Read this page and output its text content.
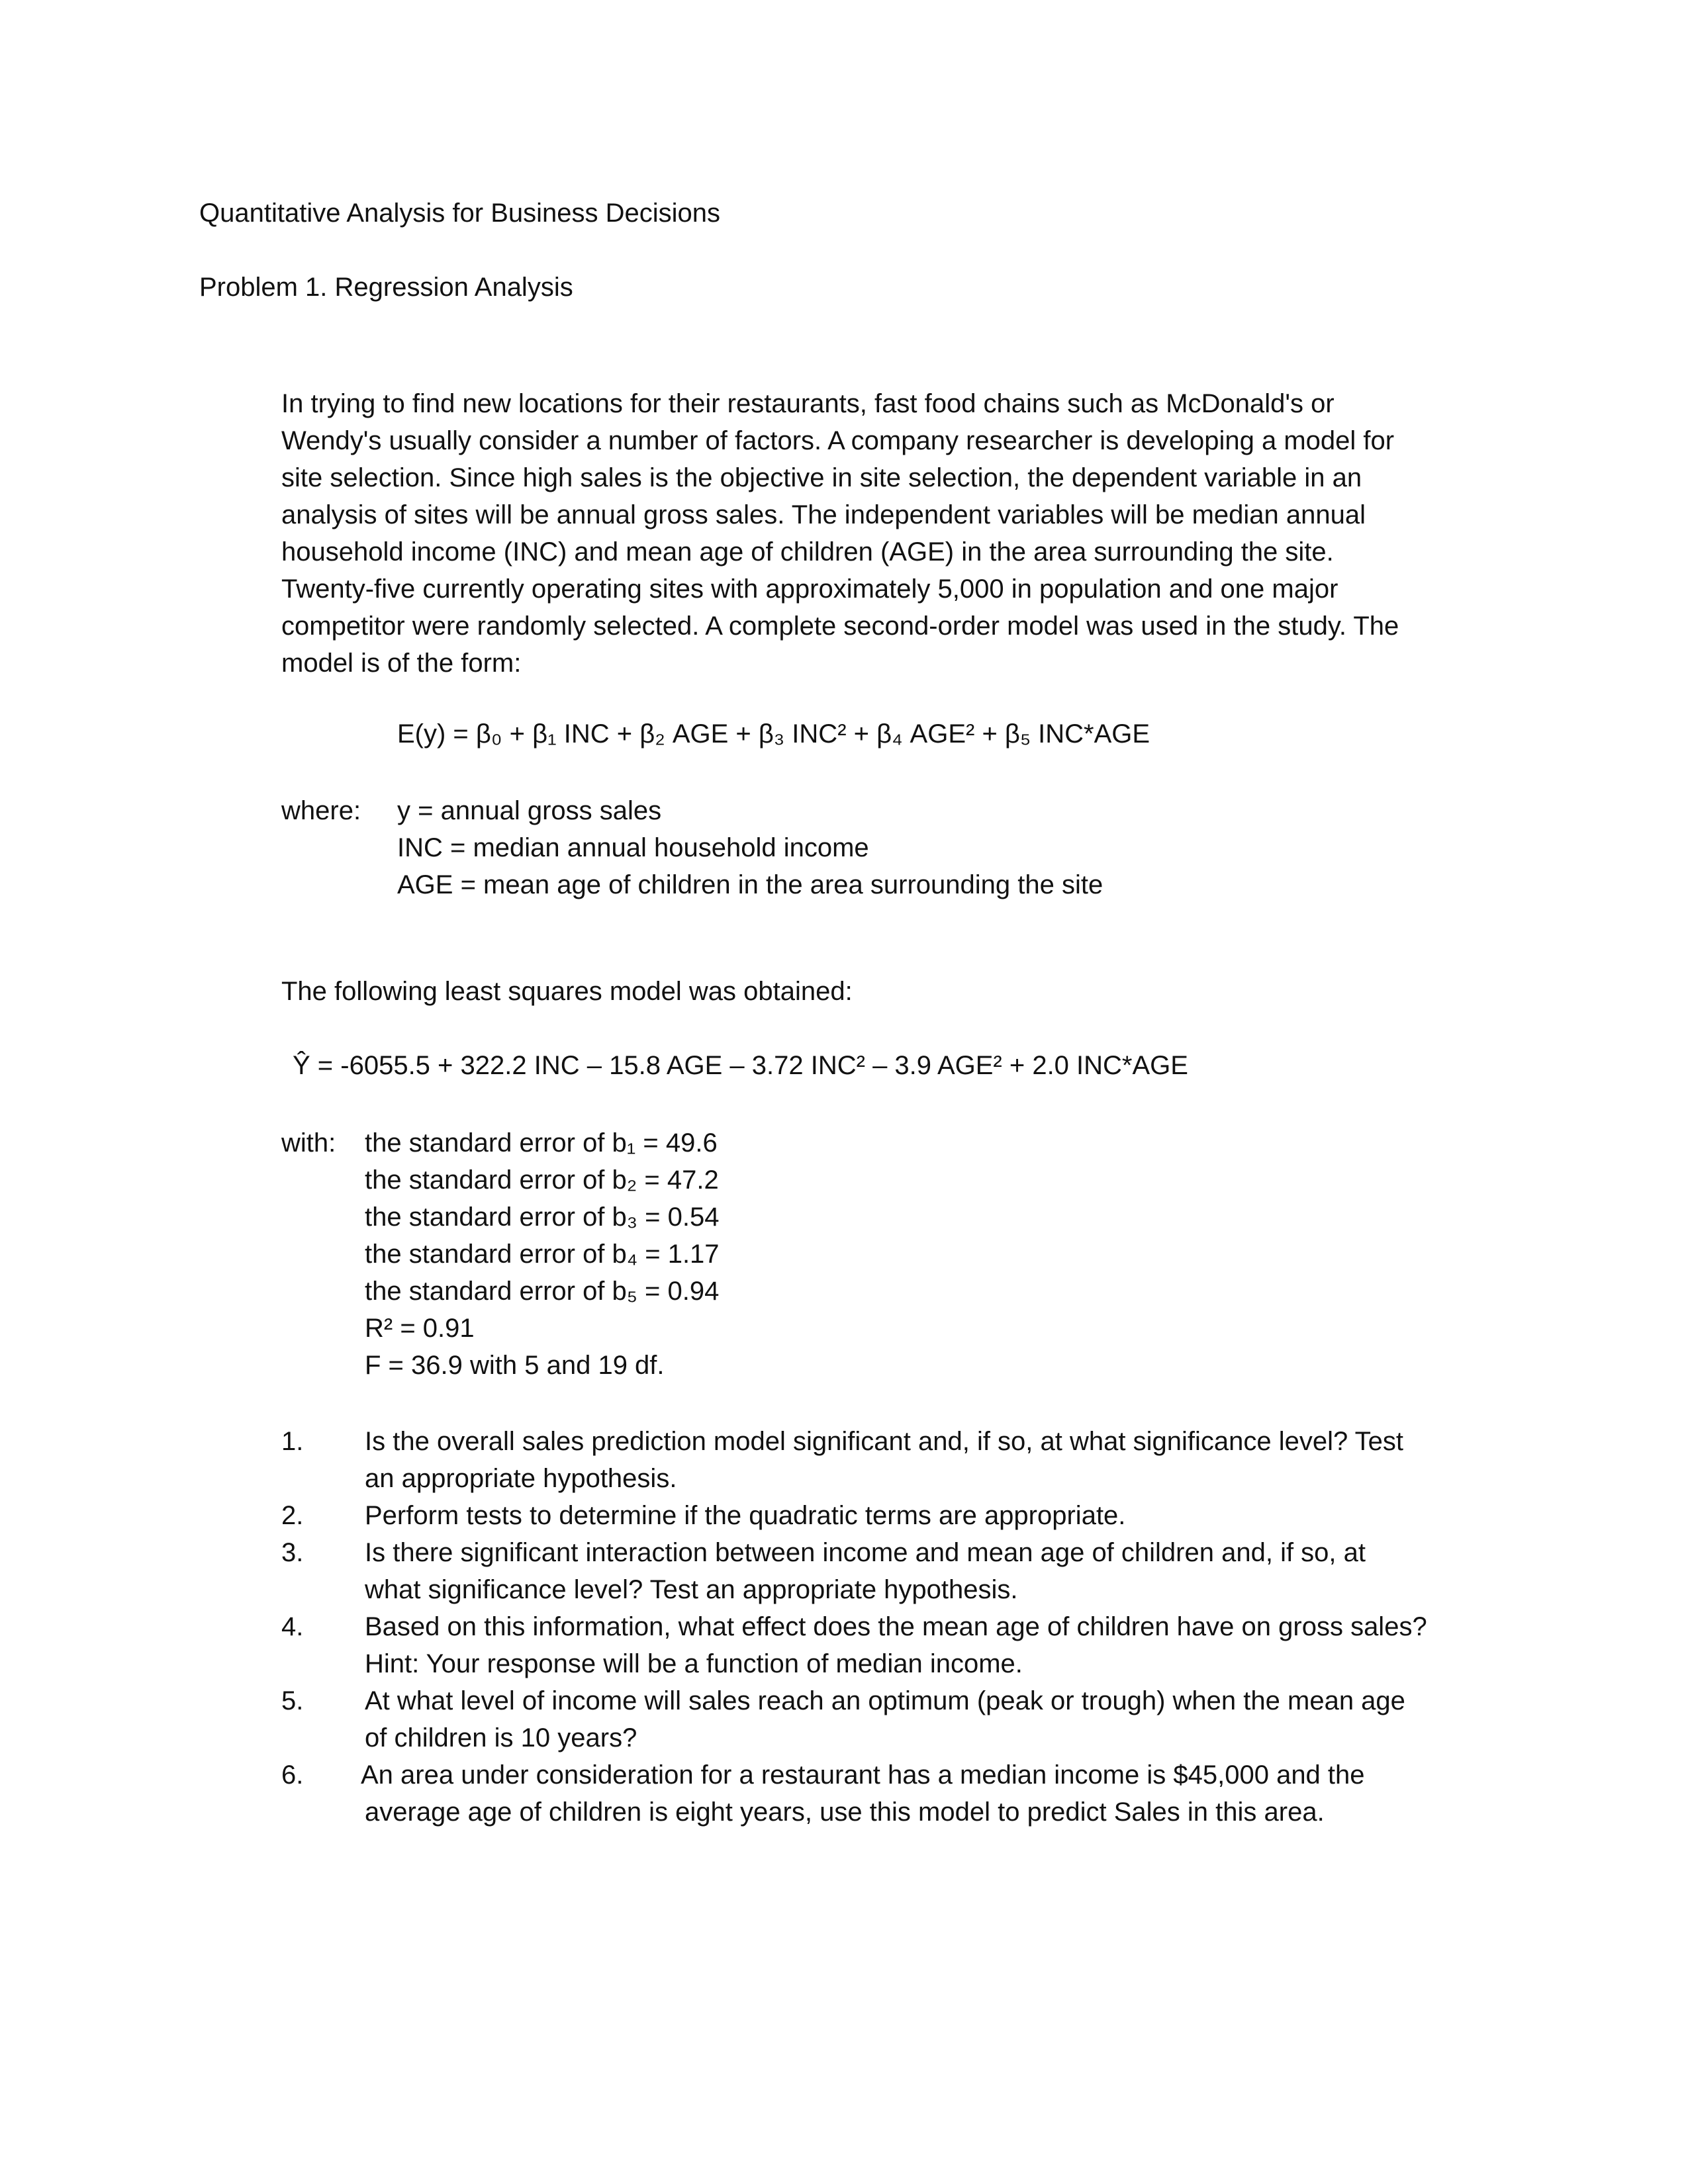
Quantitative Analysis for Business Decisions
Problem 1. Regression Analysis
In trying to find new locations for their restaurants, fast food chains such as McDonald's or
Wendy's usually consider a number of factors. A company researcher is developing a model for
site selection. Since high sales is the objective in site selection, the dependent variable in an
analysis of sites will be annual gross sales. The independent variables will be median annual
household income (INC) and mean age of children (AGE) in the area surrounding the site.
Twenty-five currently operating sites with approximately 5,000 in population and one major
competitor were randomly selected. A complete second-order model was used in the study. The
model is of the form:
E(y) = β₀ + β₁ INC + β₂ AGE + β₃ INC² + β₄ AGE² + β₅ INC*AGE
where:	y = annual gross sales
INC = median annual household income
AGE = mean age of children in the area surrounding the site
The following least squares model was obtained:
Ŷ = -6055.5 + 322.2 INC – 15.8 AGE – 3.72 INC² – 3.9 AGE² + 2.0 INC*AGE
with:	the standard error of b₁ = 49.6
the standard error of b₂ = 47.2
the standard error of b₃ = 0.54
the standard error of b₄ = 1.17
the standard error of b₅ = 0.94
R² = 0.91
F = 36.9 with 5 and 19 df.
1.	Is the overall sales prediction model significant and, if so, at what significance level? Test
an appropriate hypothesis.
2.	Perform tests to determine if the quadratic terms are appropriate.
3.	Is there significant interaction between income and mean age of children and, if so, at
what significance level? Test an appropriate hypothesis.
4.	Based on this information, what effect does the mean age of children have on gross sales?
Hint: Your response will be a function of median income.
5.	At what level of income will sales reach an optimum (peak or trough) when the mean age
of children is 10 years?
6.	An area under consideration for a restaurant has a median income is $45,000 and the
average age of children is eight years, use this model to predict Sales in this area.
